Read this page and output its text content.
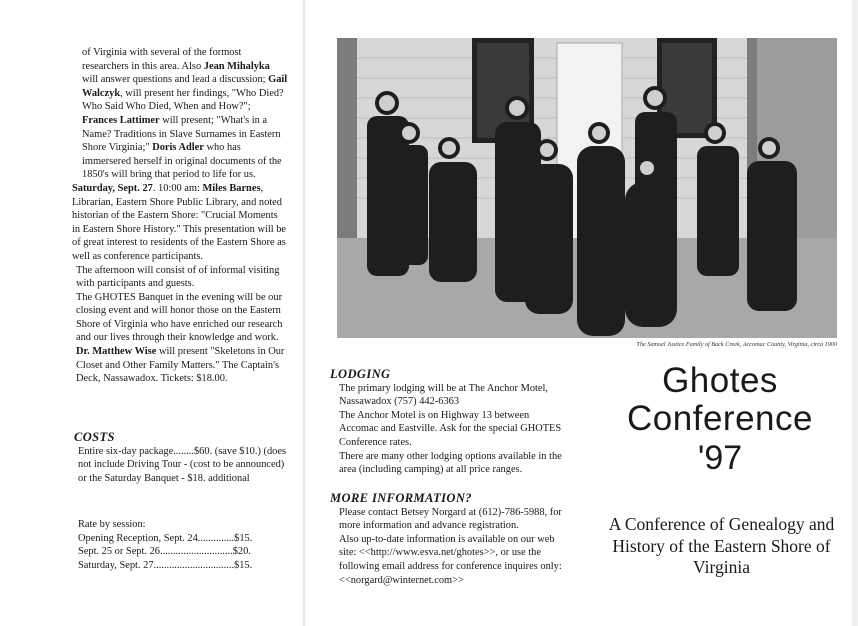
of Virginia with several of the formost researchers in this area. Also Jean Mihalyka will answer questions and lead a discussion; Gail Walczyk, will present her findings, "Who Died? Who Said Who Died, When and How?"; Frances Lattimer will present; "What's in a Name? Traditions in Slave Surnames in Eastern Shore Virginia;" Doris Adler who has immersered herself in original documents of the 1850's will bring that period to life for us.

Saturday, Sept. 27. 10:00 am: Miles Barnes, Librarian, Eastern Shore Public Library, and noted historian of the Eastern Shore: "Crucial Moments in Eastern Shore History." This presentation will be of great interest to residents of the Eastern Shore as well as conference participants.

The afternoon will consist of of informal visiting with participants and guests.

The GHOTES Banquet in the evening will be our closing event and will honor those on the Eastern Shore of Virginia who have enriched our research and our lives through their knowledge and work. Dr. Matthew Wise will present "Skeletons in Our Closet and Other Family Matters." The Captain's Deck, Nassawadox. Tickets: $18.00.

COSTS

Entire six-day package........$60. (save $10.) (does not include Driving Tour - (cost to be announced) or the Saturday Banquet - $18. additional

Rate by session:

Opening Reception, Sept. 24..............$15.

Sept. 25 or Sept. 26............................$20.

Saturday, Sept. 27...............................$15.

The Samuel Justice Family of Back Creek, Accomac County, Virginia, circa 1900

LODGING

The primary lodging will be at The Anchor Motel, Nassawadox (757) 442-6363

The Anchor Motel is on Highway 13 between Accomac and Eastville. Ask for the special GHOTES Conference rates.

There are many other lodging options available in the area (including camping) at all price ranges.

MORE INFORMATION?

Please contact Betsey Norgard at (612)-786-5988, for more information and advance registration.

Also up-to-date information is available on our web site: <<http://www.esva.net/ghotes>>, or use the following email address for conference inquires only: <<norgard@winternet.com>>

Ghotes
Conference
'97
A Conference of Genealogy and History of the Eastern Shore of Virginia
